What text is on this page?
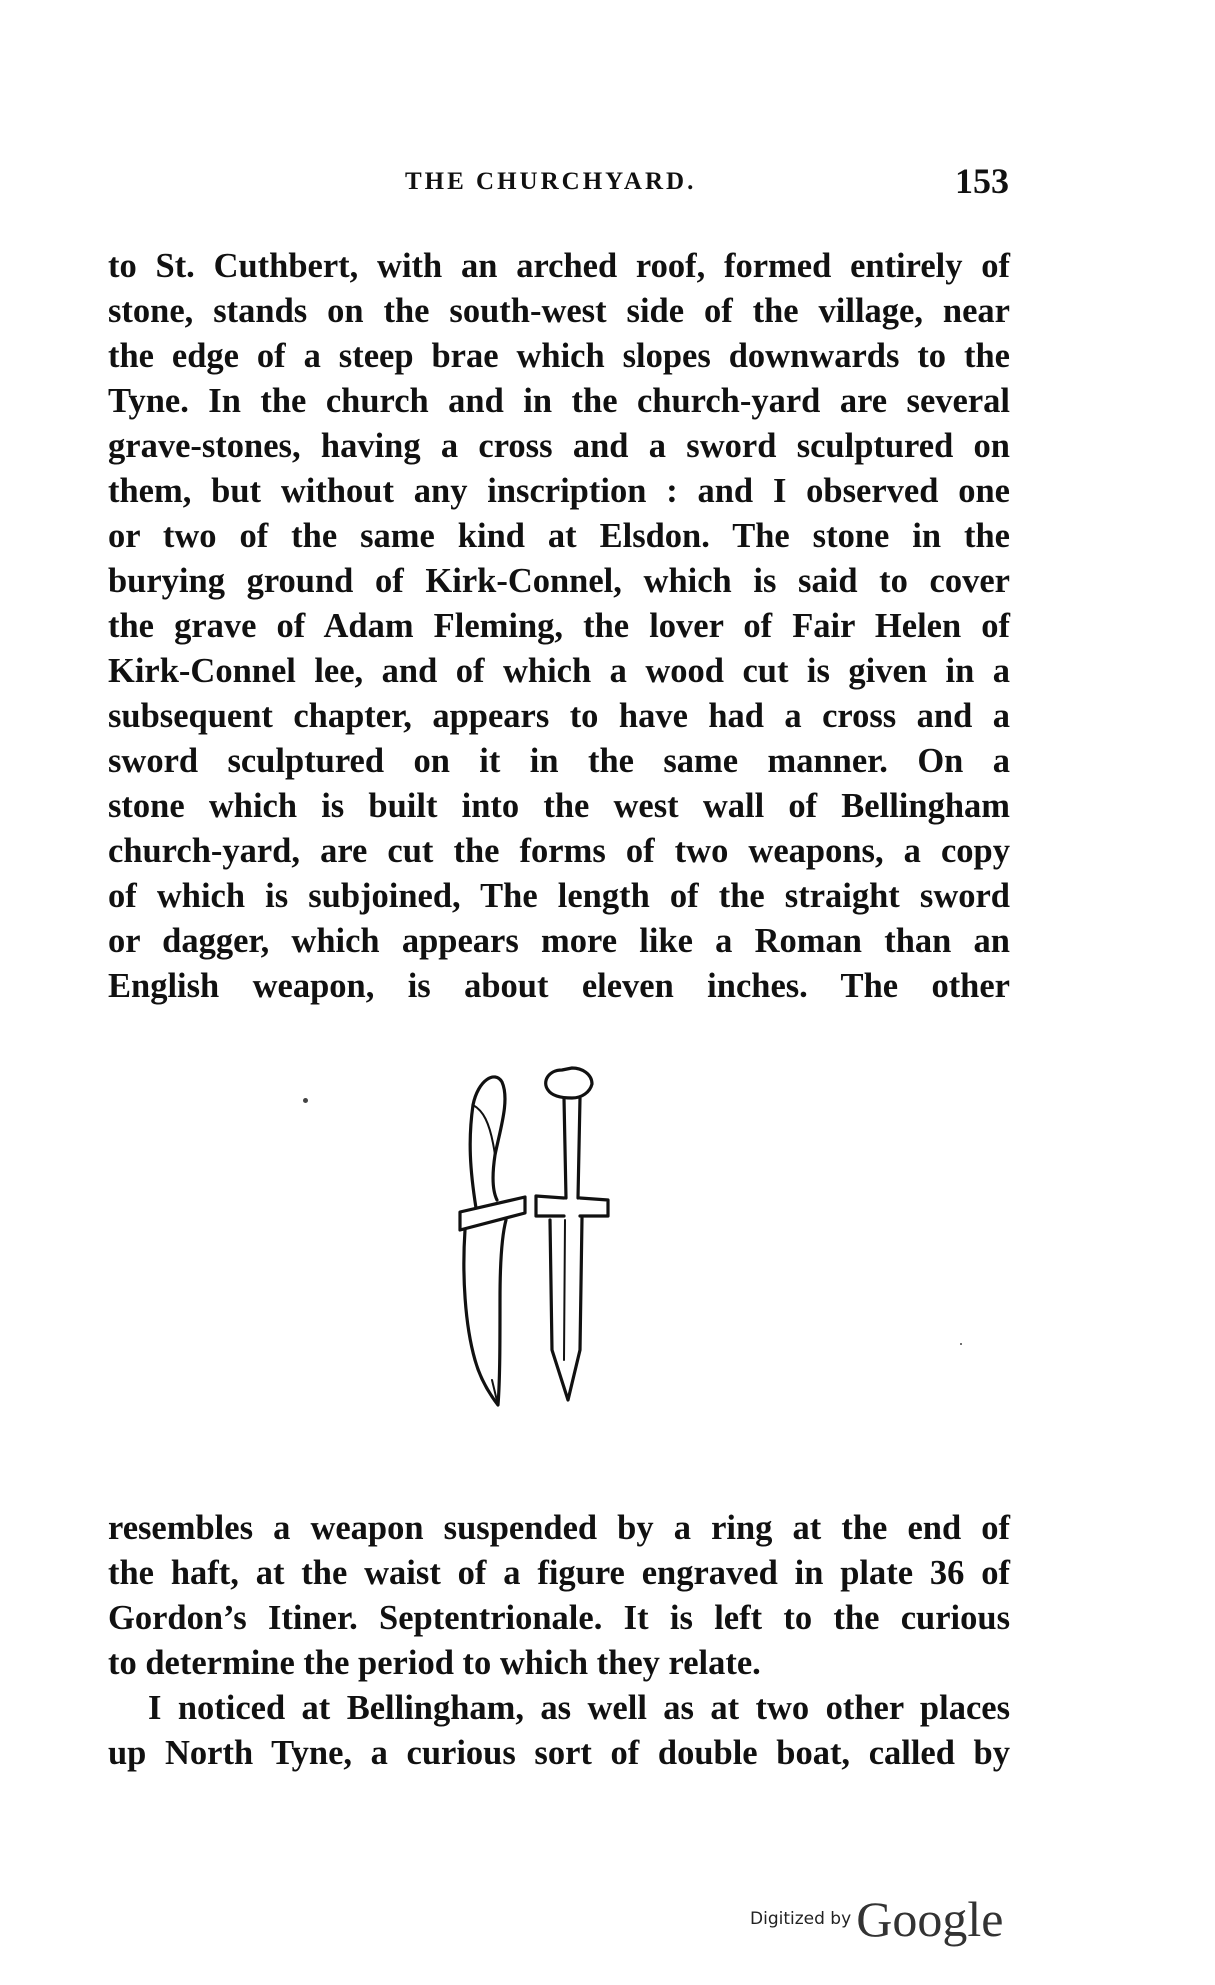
THE CHURCHYARD.	153
to St. Cuthbert, with an arched roof, formed entirely of
stone, stands on the south-west side of the village, near
the edge of a steep brae which slopes downwards to the
Tyne. In the church and in the church-yard are several
grave-stones, having a cross and a sword sculptured on
them, but without any inscription : and I observed one
or two of the same kind at Elsdon. The stone in the
burying ground of Kirk-Connel, which is said to cover
the grave of Adam Fleming, the lover of Fair Helen of
Kirk-Connel lee, and of which a wood cut is given in a
subsequent chapter, appears to have had a cross and a
sword sculptured on it in the same manner. On a
stone which is built into the west wall of Bellingham
church-yard, are cut the forms of two weapons, a copy
of which is subjoined, The length of the straight sword
or dagger, which appears more like a Roman than an
English weapon, is about eleven inches. The other
resembles a weapon suspended by a ring at the end of
the haft, at the waist of a figure engraved in plate 36 of
Gordon’s Itiner. Septentrionale. It is left to the curious
to determine the period to which they relate.
I noticed at Bellingham, as well as at two other places
up North Tyne, a curious sort of double boat, called by
Digitized by Google
